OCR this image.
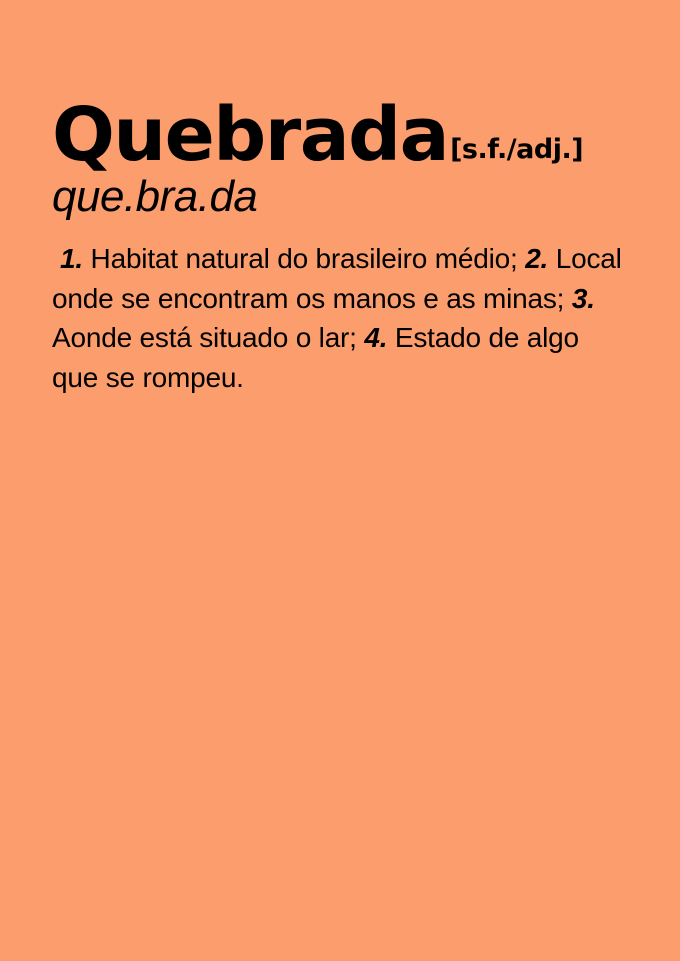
Quebrada [s.f./adj.]
que.bra.da
1. Habitat natural do brasileiro médio; 2. Local onde se encontram os manos e as minas; 3. Aonde está situado o lar; 4. Estado de algo que se rompeu.
